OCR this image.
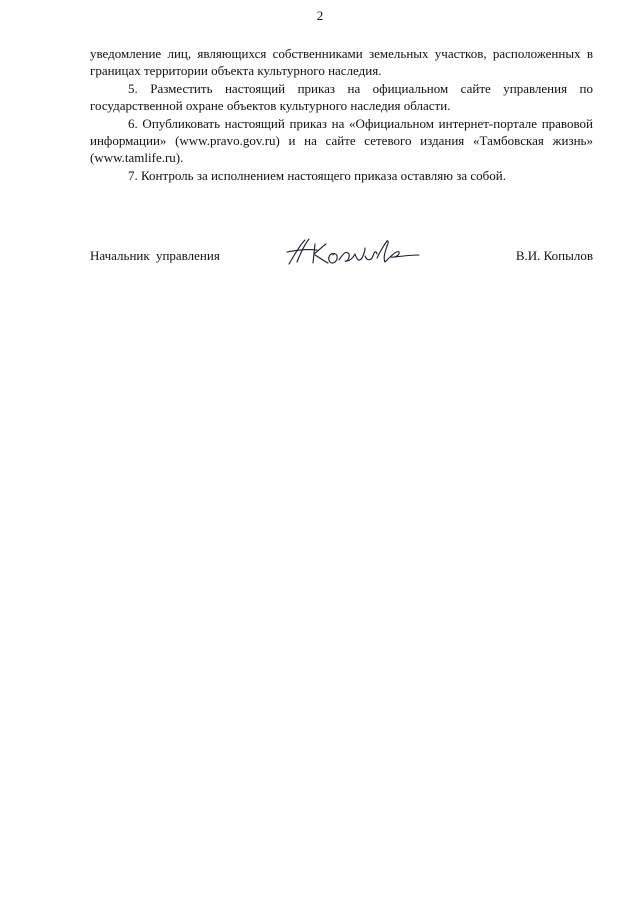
2

уведомление лиц, являющихся собственниками земельных участков, расположенных в границах территории объекта культурного наследия.

5. Разместить настоящий приказ на официальном сайте управления по государственной охране объектов культурного наследия области.

6. Опубликовать настоящий приказ на «Официальном интернет-портале правовой информации» (www.pravo.gov.ru) и на сайте сетевого издания «Тамбовская жизнь» (www.tamlife.ru).

7. Контроль за исполнением настоящего приказа оставляю за собой.

Начальник управления	В.И. Копылов
